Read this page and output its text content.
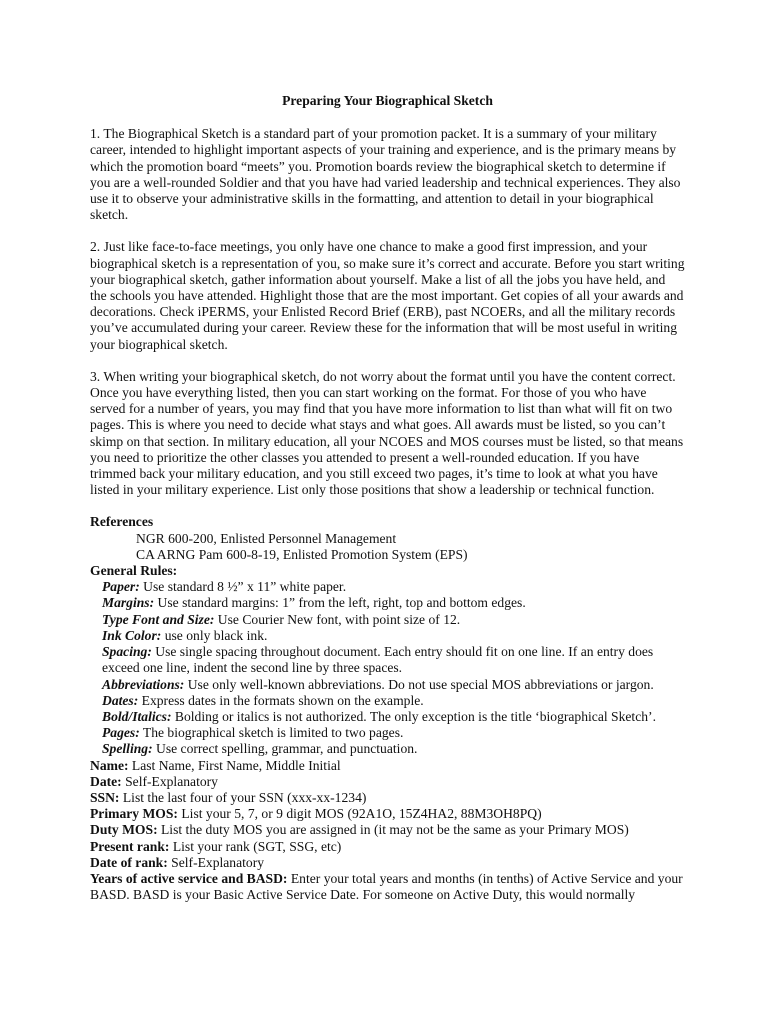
Preparing Your Biographical Sketch

1. The Biographical Sketch is a standard part of your promotion packet. It is a summary of your military career, intended to highlight important aspects of your training and experience, and is the primary means by which the promotion board “meets” you. Promotion boards review the biographical sketch to determine if you are a well-rounded Soldier and that you have had varied leadership and technical experiences. They also use it to observe your administrative skills in the formatting, and attention to detail in your biographical sketch.

2. Just like face-to-face meetings, you only have one chance to make a good first impression, and your biographical sketch is a representation of you, so make sure it’s correct and accurate. Before you start writing your biographical sketch, gather information about yourself. Make a list of all the jobs you have held, and the schools you have attended. Highlight those that are the most important. Get copies of all your awards and decorations. Check iPERMS, your Enlisted Record Brief (ERB), past NCOERs, and all the military records you’ve accumulated during your career. Review these for the information that will be most useful in writing your biographical sketch.

3. When writing your biographical sketch, do not worry about the format until you have the content correct. Once you have everything listed, then you can start working on the format. For those of you who have served for a number of years, you may find that you have more information to list than what will fit on two pages. This is where you need to decide what stays and what goes. All awards must be listed, so you can’t skimp on that section. In military education, all your NCOES and MOS courses must be listed, so that means you need to prioritize the other classes you attended to present a well-rounded education. If you have trimmed back your military education, and you still exceed two pages, it’s time to look at what you have listed in your military experience. List only those positions that show a leadership or technical function.

References
NGR 600-200, Enlisted Personnel Management
CA ARNG Pam 600-8-19, Enlisted Promotion System (EPS)
General Rules:
Paper: Use standard 8 ½” x 11” white paper.
Margins: Use standard margins: 1” from the left, right, top and bottom edges.
Type Font and Size: Use Courier New font, with point size of 12.
Ink Color: use only black ink.
Spacing: Use single spacing throughout document. Each entry should fit on one line. If an entry does exceed one line, indent the second line by three spaces.
Abbreviations: Use only well-known abbreviations. Do not use special MOS abbreviations or jargon.
Dates: Express dates in the formats shown on the example.
Bold/Italics: Bolding or italics is not authorized. The only exception is the title ‘biographical Sketch’.
Pages: The biographical sketch is limited to two pages.
Spelling: Use correct spelling, grammar, and punctuation.
Name: Last Name, First Name, Middle Initial
Date: Self-Explanatory
SSN: List the last four of your SSN (xxx-xx-1234)
Primary MOS: List your 5, 7, or 9 digit MOS (92A1O, 15Z4HA2, 88M3OH8PQ)
Duty MOS: List the duty MOS you are assigned in (it may not be the same as your Primary MOS)
Present rank: List your rank (SGT, SSG, etc)
Date of rank: Self-Explanatory
Years of active service and BASD: Enter your total years and months (in tenths) of Active Service and your BASD. BASD is your Basic Active Service Date. For someone on Active Duty, this would normally
